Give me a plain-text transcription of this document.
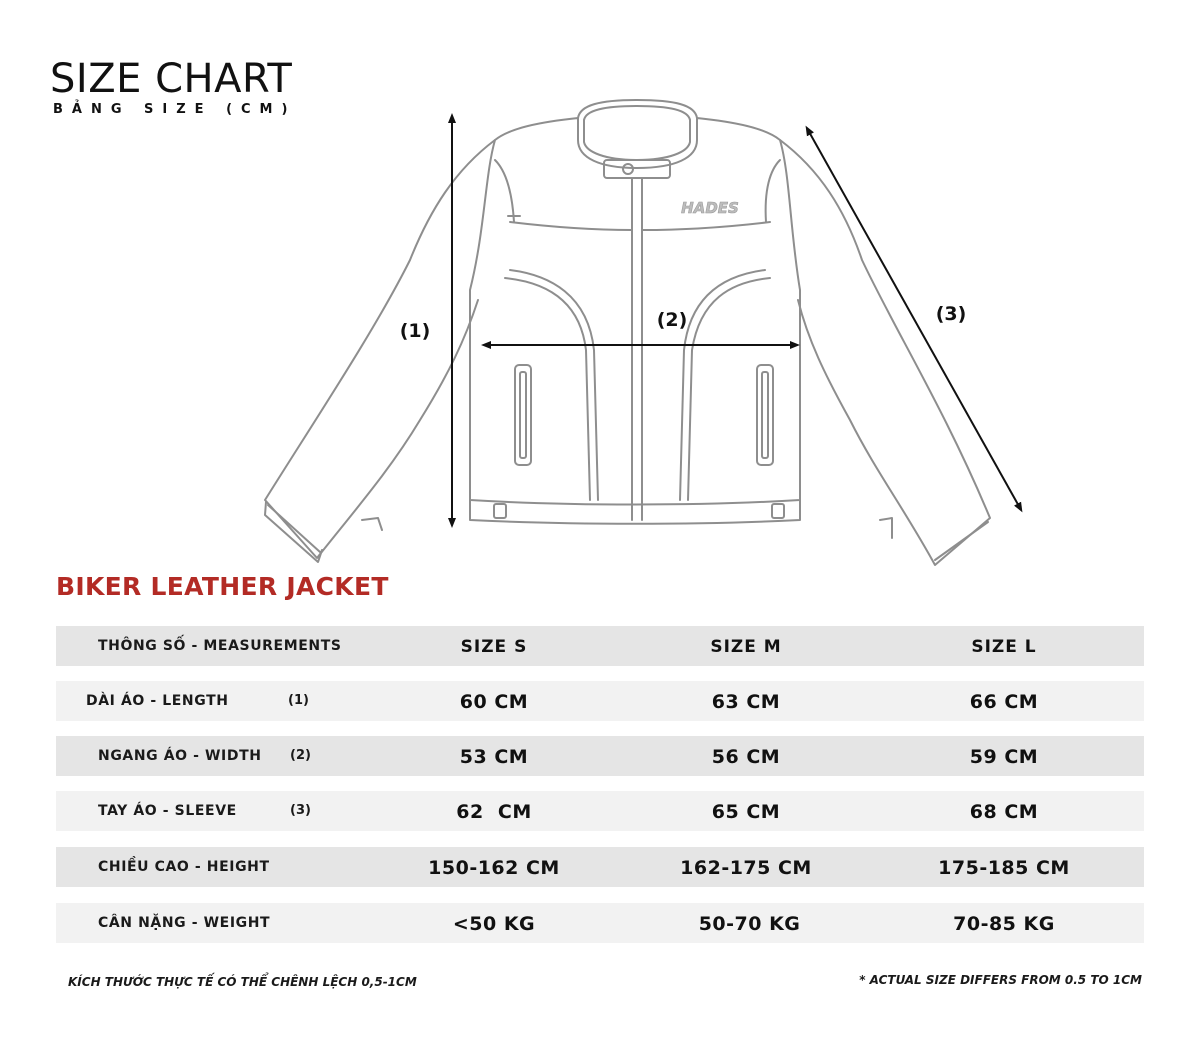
SIZE CHART
BẢNG SIZE (CM)
HADES
(1)	(2)	(3)
BIKER LEATHER JACKET
THÔNG SỐ - MEASUREMENTS	SIZE S	SIZE M	SIZE L
DÀI ÁO - LENGTH	(1)	60 CM	63 CM	66 CM
NGANG ÁO - WIDTH (2)	53 CM	56 CM	59 CM
TAY ÁO - SLEEVE	(3)	62  CM	65 CM	68 CM
CHIỀU CAO - HEIGHT	150-162 CM	162-175 CM	175-185 CM
CÂN NẶNG - WEIGHT	<50 KG	50-70 KG	70-85 KG
KÍCH THƯỚC THỰC TẾ CÓ THỂ CHÊNH LỆCH 0,5-1CM	* ACTUAL SIZE DIFFERS FROM 0.5 TO 1CM
